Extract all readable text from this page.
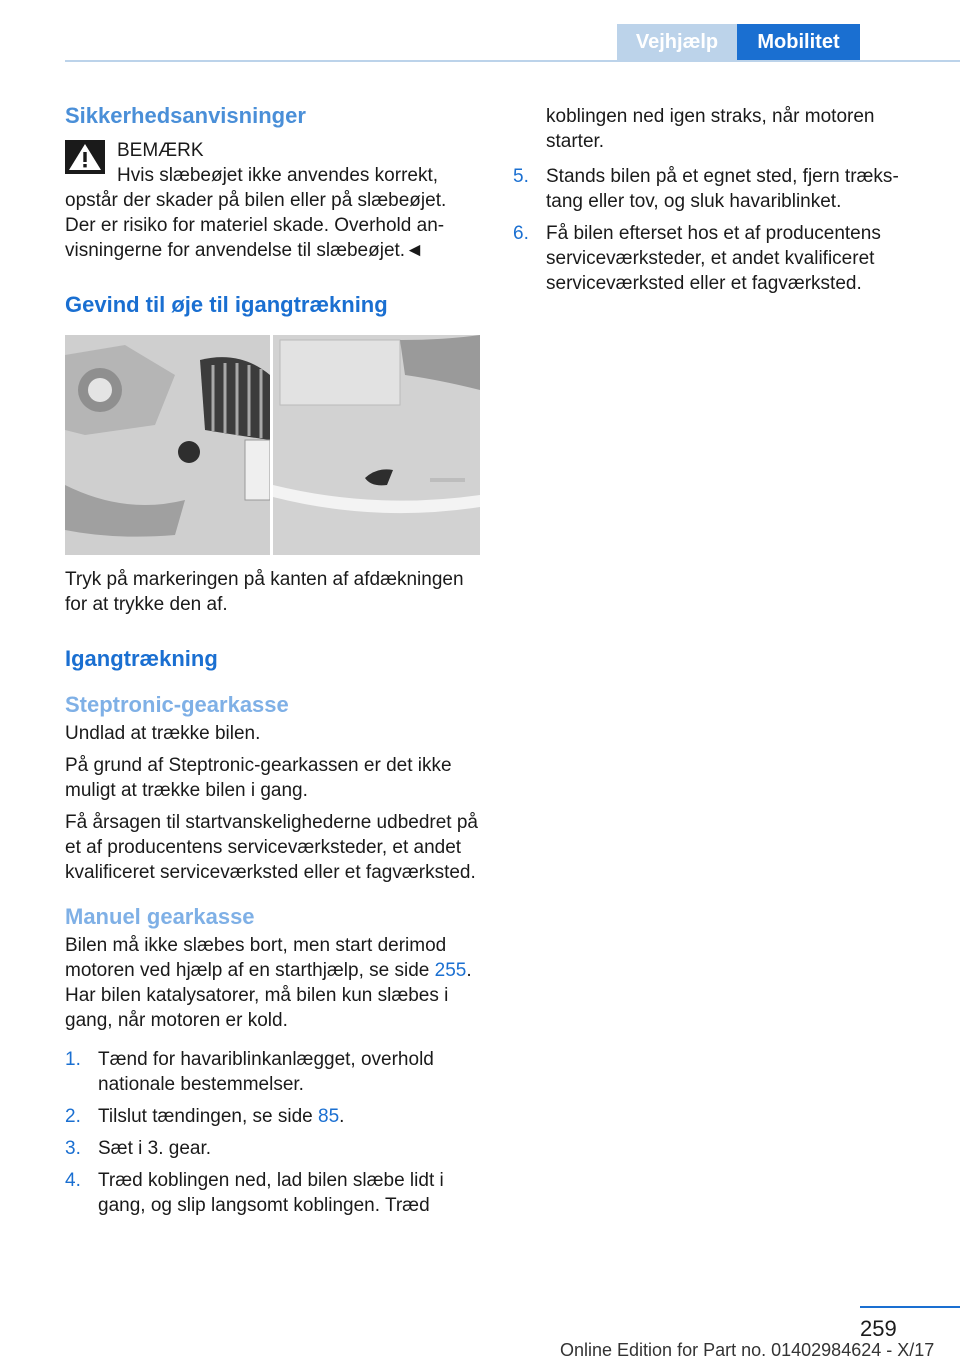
Vejhjælp	Mobilitet
Sikkerhedsanvisninger
BEMÆRK

Hvis slæbeøjet ikke anvendes korrekt, opstår der skader på bilen eller på slæbeøjet. Der er risiko for materiel skade. Overhold anvisningerne for anvendelse til slæbeøjet.◄

Gevind til øje til igangtrækning

Tryk på markeringen på kanten af afdækningen for at trykke den af.

Igangtrækning
Steptronic-gearkasse

Undlad at trække bilen.

På grund af Steptronic-gearkassen er det ikke muligt at trække bilen i gang.

Få årsagen til startvanskelighederne udbedret på et af producentens serviceværksteder, et andet kvalificeret serviceværksted eller et fagværksted.

Manuel gearkasse

Bilen må ikke slæbes bort, men start derimod motoren ved hjælp af en starthjælp, se side 255. Har bilen katalysatorer, må bilen kun slæbes i gang, når motoren er kold.

1. Tænd for havariblinkanlægget, overhold nationale bestemmelser.
2. Tilslut tændingen, se side 85.
3. Sæt i 3. gear.
4. Træd koblingen ned, lad bilen slæbe lidt i gang, og slip langsomt koblingen. Træd

koblingen ned igen straks, når motoren starter.

5. Stands bilen på et egnet sted, fjern trækstang eller tov, og sluk havariblinket.
6. Få bilen efterset hos et af producentens serviceværksteder, et andet kvalificeret serviceværksted eller et fagværksted.
259
Online Edition for Part no. 01402984624 - X/17
